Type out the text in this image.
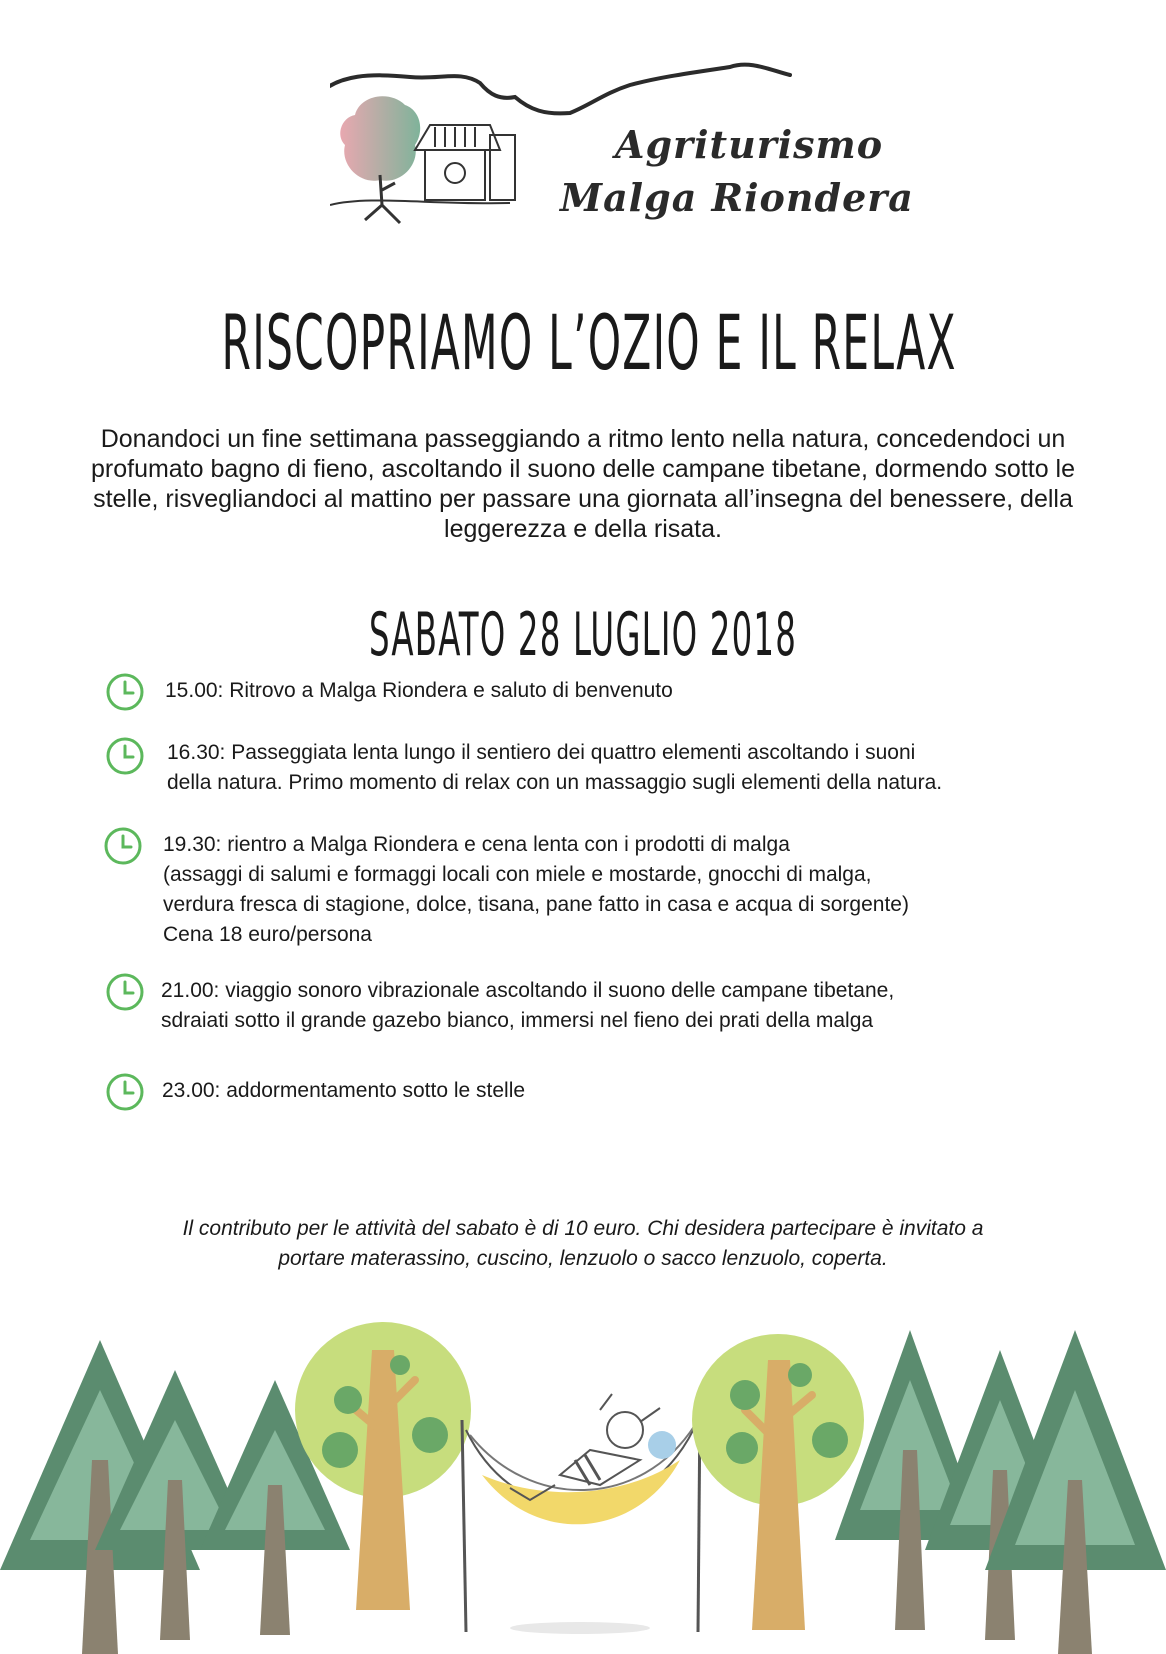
Agriturismo
Malga Riondera
RISCOPRIAMO L’OZIO E IL RELAX

Donandoci un fine settimana passeggiando a ritmo lento nella natura, concedendoci un profumato bagno di fieno, ascoltando il suono delle campane tibetane, dormendo sotto le stelle, risvegliandoci al mattino per passare una giornata all’insegna del benessere, della leggerezza e della risata.

SABATO 28 LUGLIO 2018

15.00: Ritrovo a Malga Riondera e saluto di benvenuto

16.30: Passeggiata lenta lungo il sentiero dei quattro elementi ascoltando i suoni
della natura. Primo momento di relax con un massaggio sugli elementi della natura.

19.30: rientro a Malga Riondera e cena lenta con i prodotti di malga
(assaggi di salumi e formaggi locali con miele e mostarde, gnocchi di malga,
verdura fresca di stagione, dolce, tisana, pane fatto in casa e acqua di sorgente)
Cena 18 euro/persona

21.00: viaggio sonoro vibrazionale ascoltando il suono delle campane tibetane,
sdraiati sotto il grande gazebo bianco, immersi nel fieno dei prati della malga

23.00: addormentamento sotto le stelle

Il contributo per le attività del sabato è di 10 euro. Chi desidera partecipare è invitato a
portare materassino, cuscino, lenzuolo o sacco lenzuolo, coperta.
